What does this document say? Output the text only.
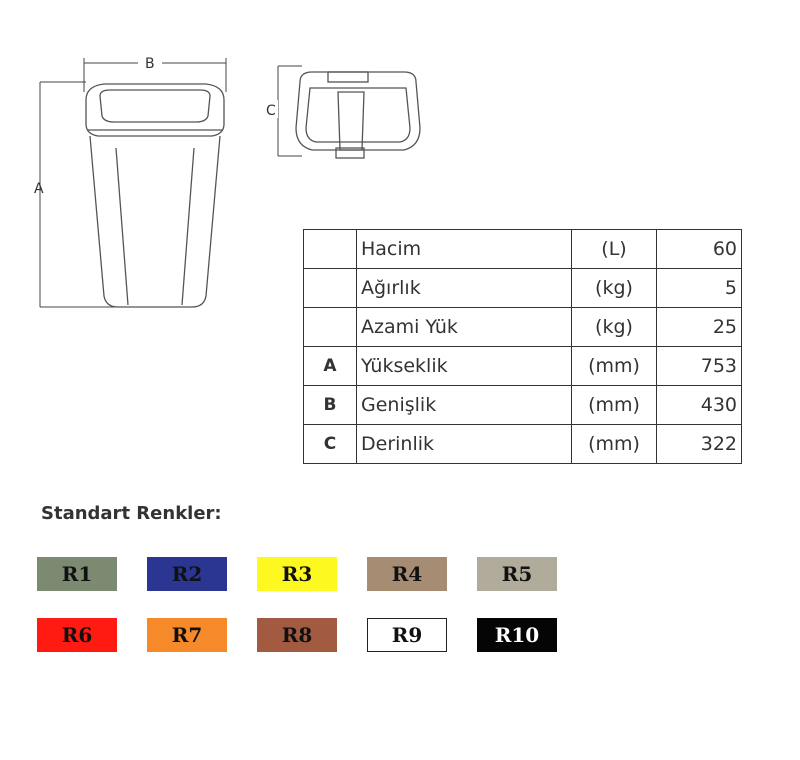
A
B
C
	Hacim	(L)	60
	Ağırlık	(kg)	5
	Azami Yük	(kg)	25
A	Yükseklik	(mm)	753
B	Genişlik	(mm)	430
C	Derinlik	(mm)	322
Standart Renkler:
R1	R2	R3	R4	R5
R6	R7	R8	R9	R10
